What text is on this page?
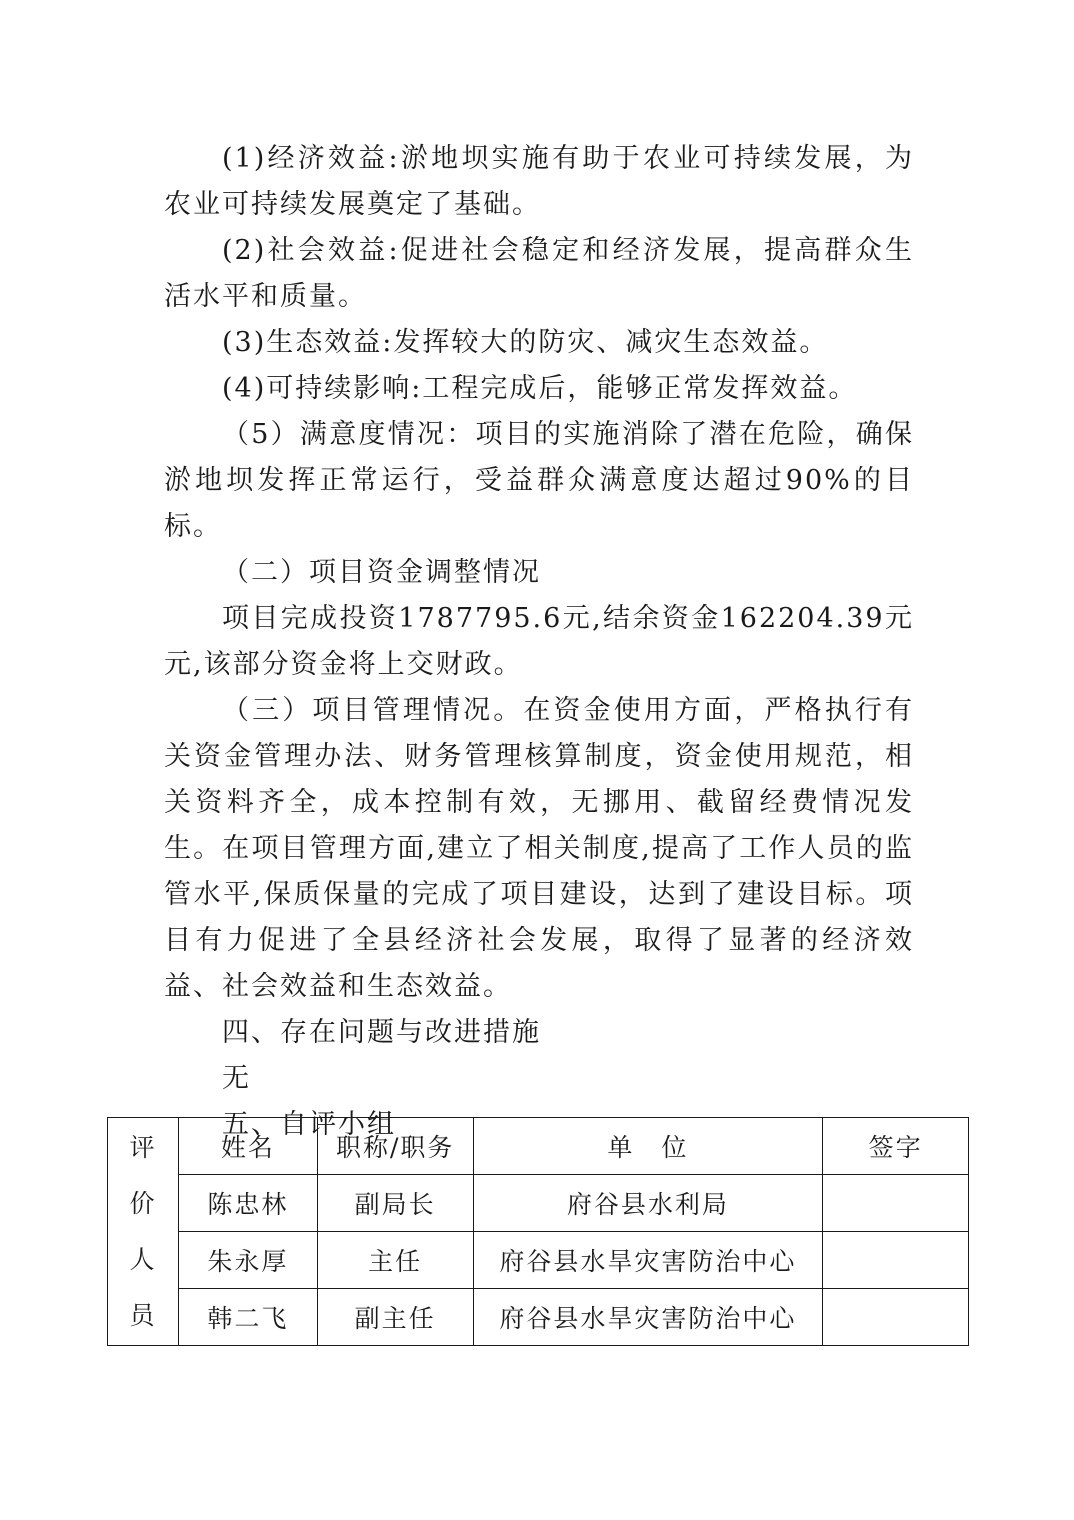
(1)经济效益:淤地坝实施有助于农业可持续发展，为农业可持续发展奠定了基础。

(2)社会效益:促进社会稳定和经济发展，提高群众生活水平和质量。

(3)生态效益:发挥较大的防灾、减灾生态效益。

(4)可持续影响:工程完成后，能够正常发挥效益。

（5）满意度情况：项目的实施消除了潜在危险，确保淤地坝发挥正常运行，受益群众满意度达超过90%的目标。

（二）项目资金调整情况

项目完成投资1787795.6元,结余资金162204.39元元,该部分资金将上交财政。

（三）项目管理情况。在资金使用方面，严格执行有关资金管理办法、财务管理核算制度，资金使用规范，相关资料齐全，成本控制有效，无挪用、截留经费情况发生。在项目管理方面,建立了相关制度,提高了工作人员的监管水平,保质保量的完成了项目建设，达到了建设目标。项目有力促进了全县经济社会发展，取得了显著的经济效益、社会效益和生态效益。

四、存在问题与改进措施

无

五、自评小组

评
价
人
员	姓名	职称/职务	单　位	签字
	陈忠林	副局长	府谷县水利局	
	朱永厚	主任	府谷县水旱灾害防治中心	
	韩二飞	副主任	府谷县水旱灾害防治中心	
